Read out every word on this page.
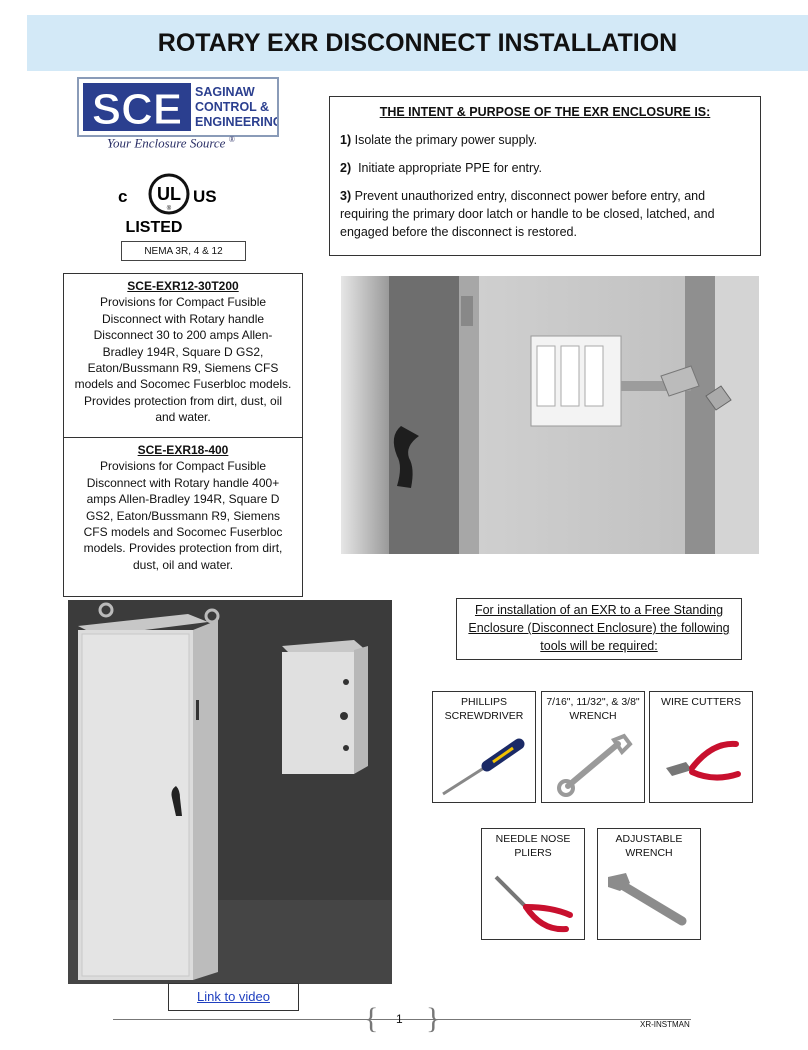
ROTARY EXR DISCONNECT INSTALLATION
SCE SAGINAW
CONTROL &
ENGINEERING
Your Enclosure Source ®
c UL
®
US
LISTED
NEMA 3R, 4 & 12
THE INTENT & PURPOSE OF THE EXR ENCLOSURE IS:

1) Isolate the primary power supply.

2) Initiate appropriate PPE for entry.

3) Prevent unauthorized entry, disconnect power before entry, and requiring the primary door latch or handle to be closed, latched, and engaged before the disconnect is restored.

SCE-EXR12-30T200

Provisions for Compact Fusible Disconnect with Rotary handle Disconnect 30 to 200 amps Allen-Bradley 194R, Square D GS2, Eaton/Bussmann R9, Siemens CFS models and Socomec Fuserbloc models. Provides protection from dirt, dust, oil and water.

SCE-EXR18-400

Provisions for Compact Fusible Disconnect with Rotary handle 400+ amps Allen-Bradley 194R, Square D GS2, Eaton/Bussmann R9, Siemens CFS models and Socomec Fuserbloc models. Provides protection from dirt, dust, oil and water.

For installation of an EXR to a Free Standing Enclosure (Disconnect Enclosure) the following tools will be required:
PHILLIPS SCREWDRIVER
7/16", 11/32", & 3/8" WRENCH
WIRE CUTTERS
NEEDLE NOSE PLIERS
ADJUSTABLE WRENCH
Link to video
{ }
1	XR-INSTMAN
